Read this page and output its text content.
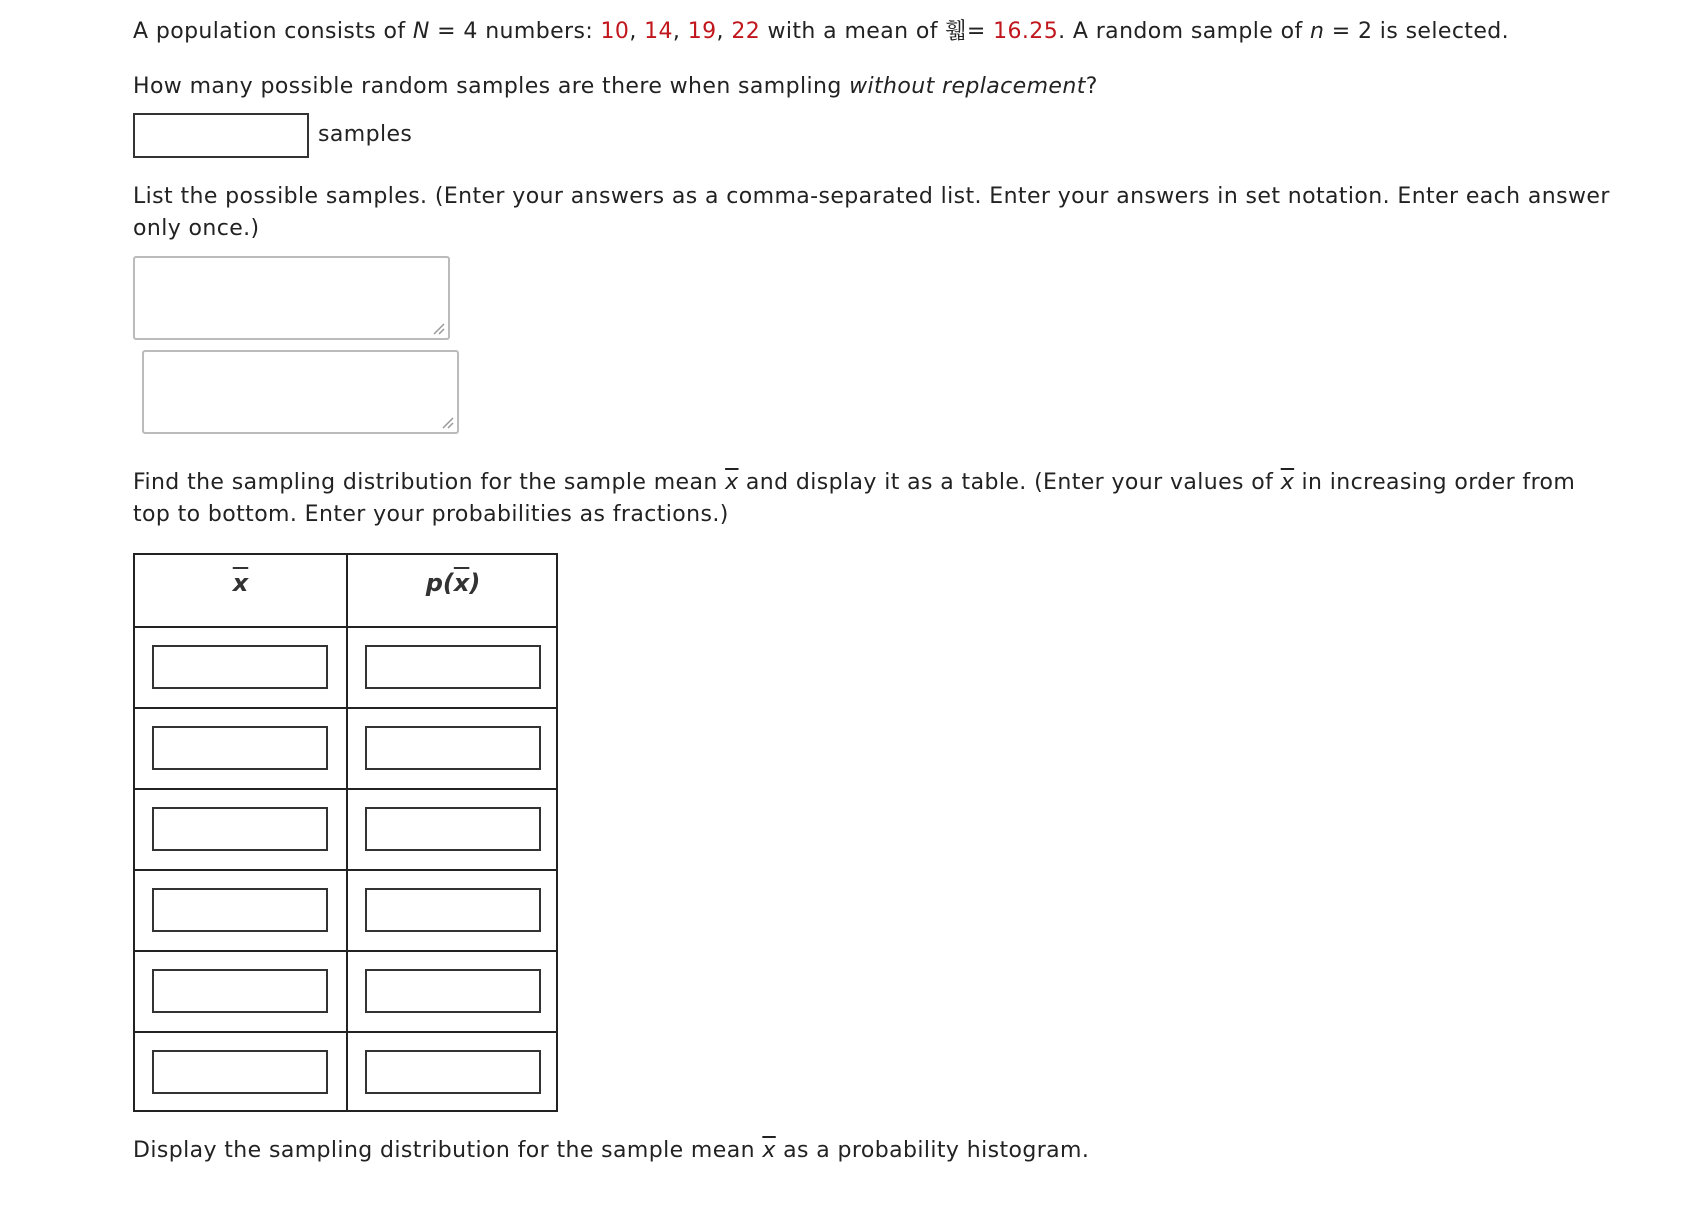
A population consists of N = 4 numbers: 10, 14, 19, 22 with a mean of 휇= 16.25. A random sample of n = 2 is selected.
How many possible random samples are there when sampling without replacement?
samples
List the possible samples. (Enter your answers as a comma-separated list. Enter your answers in set notation. Enter each answer only once.)
Find the sampling distribution for the sample mean $\overline{x}$ and display it as a table. (Enter your values of $\overline{x}$ in increasing order from top to bottom. Enter your probabilities as fractions.)
$\overline{x}$	$p(\overline{x})$
Display the sampling distribution for the sample mean $\overline{x}$ as a probability histogram.
